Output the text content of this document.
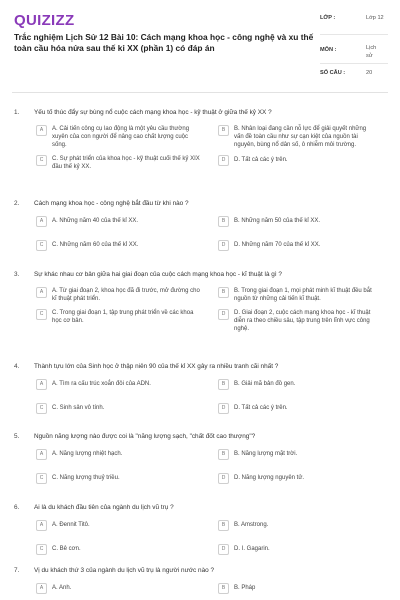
QUIZIZZ
Trắc nghiệm Lịch Sử 12 Bài 10: Cách mạng khoa học - công nghệ và xu thế toàn cầu hóa nửa sau thế kỉ XX (phần 1) có đáp án
LỚP :	Lớp 12
MÔN :	Lịch sử
SỐ CÂU :	20
1. Yếu tố thúc đẩy sự bùng nổ cuộc cách mạng khoa học - kỹ thuật ở giữa thế kỷ XX ?
A	A. Cải tiến công cụ lao động là một yêu cầu thường xuyên của con người để nâng cao chất lượng cuộc sống.
B	B. Nhân loại đang cần nỗ lực để giải quyết những vấn đề toàn cầu như sự cạn kiệt của nguồn tài nguyên, bùng nổ dân số, ô nhiễm môi trường.
C	C. Sự phát triển của khoa học - kỹ thuật cuối thế kỷ XIX đầu thế kỷ XX.
D	D. Tất cả các ý trên.
2. Cách mạng khoa học - công nghệ bắt đầu từ khi nào ?
A	A. Những năm 40 của thế kỉ XX.	B	B. Những năm 50 của thế kỉ XX.
C	C. Những năm 60 của thế kỉ XX.	D	D. Những năm 70 của thế kỉ XX.
3. Sự khác nhau cơ bản giữa hai giai đoạn của cuộc cách mạng khoa học - kĩ thuật là gì ?
A	A. Từ giai đoạn 2, khoa học đã đi trước, mở đường cho kĩ thuật phát triển.
B	B. Trong giai đoạn 1, mọi phát minh kĩ thuật đều bắt nguồn từ những cải tiến kĩ thuật.
C	C. Trong giai đoạn 1, tập trung phát triển về các khoa học cơ bản.
D	D. Giai đoạn 2, cuộc cách mạng khoa học - kĩ thuật diễn ra theo chiều sâu, tập trung trên lĩnh vực công nghệ.
4. Thành tựu lớn của Sinh học ở thập niên 90 của thế kỉ XX gây ra nhiều tranh cãi nhất ?
A	A. Tìm ra cấu trúc xoắn đôi của ADN.	B	B. Giải mã bản đồ gen.
C	C. Sinh sản vô tính.	D	D. Tất cả các ý trên.
5. Nguồn năng lượng nào được coi là "năng lượng sạch, "chất đốt cao thượng"?
A	A. Năng lượng nhiệt hạch.	B	B. Năng lượng mặt trời.
C	C. Năng lượng thuỷ triều.	D	D. Năng lượng nguyên tử.
6. Ai là du khách đầu tiên của ngành du lịch vũ trụ ?
A	A. Đennit Titô.	B	B. Amstrong.
C	C. Bê cơn.	D	D. I. Gagarin.
7. Vị du khách thứ 3 của ngành du lịch vũ trụ là người nước nào ?
A	A. Anh.	B	B. Pháp
